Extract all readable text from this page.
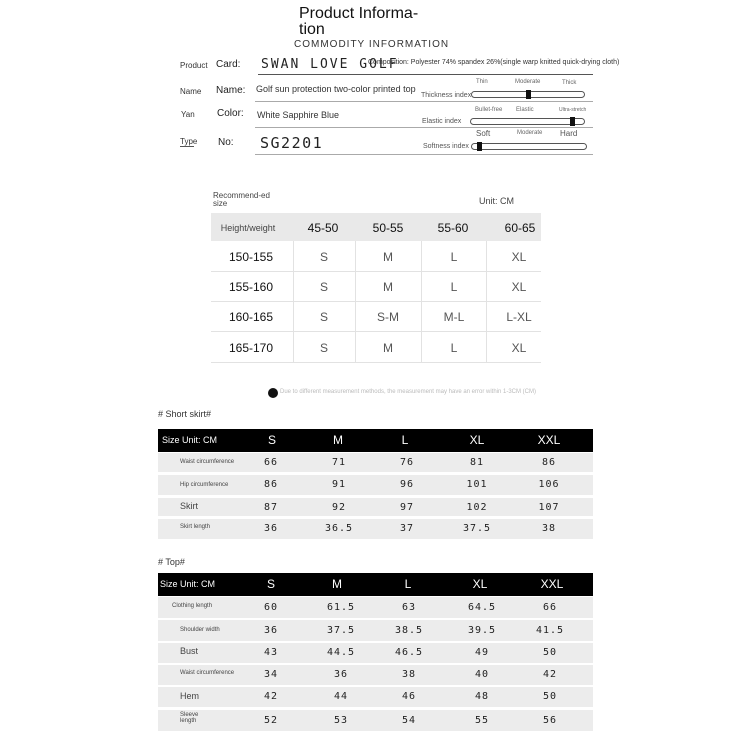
Product Informa-tion
COMMODITY INFORMATION
Product Card: SWAN LOVE GOLF
Composition: Polyester 74% spandex 26%(single warp knitted quick-drying cloth)
Name Name: Golf sun protection two-color printed top
Yan Color: White Sapphire Blue
Type No: SG2201
Thin	Moderate	Thick
Thickness index
Bullet-free Elastic	Ultra-stretch
Elastic index
Soft	Moderate Hard
Softness index
Recommend-ed size	Unit: CM
Height/weight	45-50	50-55	55-60	60-65
150-155	S	M	L	XL
155-160	S	M	L	XL
160-165	S	S-M	M-L	L-XL
165-170	S	M	L	XL
Due to different measurement methods, the measurement may have an error within 1-3CM (CM)
# Short skirt#
Size Unit: CM	S	M	L	XL	XXL
Waist circumference	66	71	76	81	86
Hip circumference	86	91	96	101	106
Skirt	87	92	97	102	107
Skirt length	36	36.5	37	37.5	38
# Top#
Size Unit: CM	S	M	L	XL	XXL
Clothing length	60	61.5	63	64.5	66
Shoulder width	36	37.5	38.5	39.5	41.5
Bust	43	44.5	46.5	49	50
Waist circumference	34	36	38	40	42
Hem	42	44	46	48	50
Sleeve length	52	53	54	55	56
